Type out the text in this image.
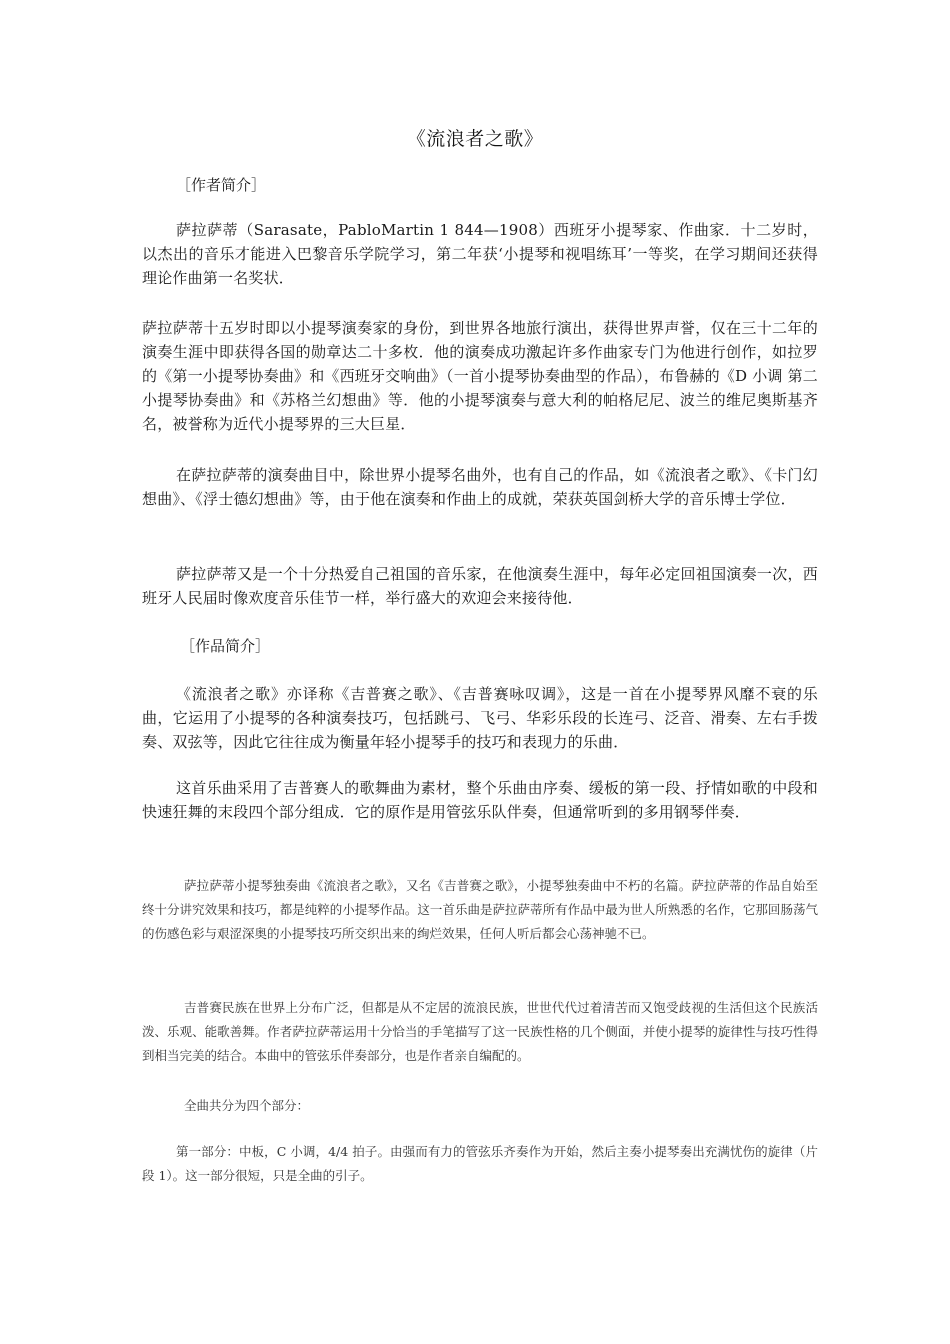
《流浪者之歌》
［作者简介］

萨拉萨蒂（Sarasate，PabloMartin 1 844—1908）西班牙小提琴家、作曲家．十二岁时，以杰出的音乐才能进入巴黎音乐学院学习，第二年获‘小提琴和视唱练耳’一等奖，在学习期间还获得理论作曲第一名奖状．

萨拉萨蒂十五岁时即以小提琴演奏家的身份，到世界各地旅行演出，获得世界声誉，仅在三十二年的演奏生涯中即获得各国的勋章达二十多枚．他的演奏成功激起许多作曲家专门为他进行创作，如拉罗的《第一小提琴协奏曲》和《西班牙交响曲》（一首小提琴协奏曲型的作品），布鲁赫的《D 小调 第二小提琴协奏曲》和《苏格兰幻想曲》等．他的小提琴演奏与意大利的帕格尼尼、波兰的维尼奥斯基齐名，被誉称为近代小提琴界的三大巨星．

在萨拉萨蒂的演奏曲目中，除世界小提琴名曲外，也有自己的作品，如《流浪者之歌》、《卡门幻想曲》、《浮士德幻想曲》等，由于他在演奏和作曲上的成就，荣获英国剑桥大学的音乐博士学位．

萨拉萨蒂又是一个十分热爱自己祖国的音乐家，在他演奏生涯中，每年必定回祖国演奏一次，西班牙人民届时像欢度音乐佳节一样，举行盛大的欢迎会来接待他．

［作品简介］

《流浪者之歌》亦译称《吉普赛之歌》、《吉普赛咏叹调》，这是一首在小提琴界风靡不衰的乐曲，它运用了小提琴的各种演奏技巧，包括跳弓、飞弓、华彩乐段的长连弓、泛音、滑奏、左右手拨奏、双弦等，因此它往往成为衡量年轻小提琴手的技巧和表现力的乐曲．

这首乐曲采用了吉普赛人的歌舞曲为素材，整个乐曲由序奏、缓板的第一段、抒情如歌的中段和快速狂舞的末段四个部分组成．它的原作是用管弦乐队伴奏，但通常听到的多用钢琴伴奏．

萨拉萨蒂小提琴独奏曲《流浪者之歌》，又名《吉普赛之歌》，小提琴独奏曲中不朽的名篇。萨拉萨蒂的作品自始至终十分讲究效果和技巧，都是纯粹的小提琴作品。这一首乐曲是萨拉萨蒂所有作品中最为世人所熟悉的名作，它那回肠荡气的伤感色彩与艰涩深奥的小提琴技巧所交织出来的绚烂效果，任何人听后都会心荡神驰不已。

吉普赛民族在世界上分布广泛，但都是从不定居的流浪民族，世世代代过着清苦而又饱受歧视的生活但这个民族活泼、乐观、能歌善舞。作者萨拉萨蒂运用十分恰当的手笔描写了这一民族性格的几个侧面，并使小提琴的旋律性与技巧性得到相当完美的结合。本曲中的管弦乐伴奏部分，也是作者亲自编配的。

全曲共分为四个部分：

第一部分：中板，C 小调，4/4 拍子。由强而有力的管弦乐齐奏作为开始，然后主奏小提琴奏出充满忧伤的旋律（片段 1）。这一部分很短，只是全曲的引子。
